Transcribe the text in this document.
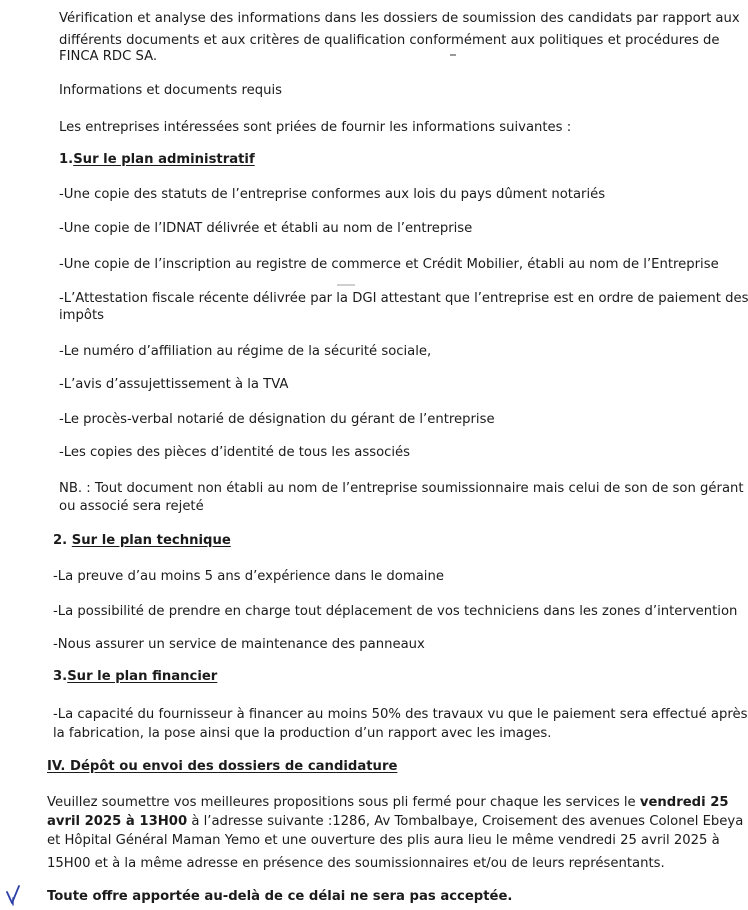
Vérification et analyse des informations dans les dossiers de soumission des candidats par rapport aux

différents documents et aux critères de qualification conformément aux politiques et procédures de

FINCA RDC SA.

Informations et documents requis

Les entreprises intéressées sont priées de fournir les informations suivantes :

1.Sur le plan administratif

-Une copie des statuts de l’entreprise conformes aux lois du pays dûment notariés

-Une copie de l’IDNAT délivrée et établi au nom de l’entreprise

-Une copie de l’inscription au registre de commerce et Crédit Mobilier, établi au nom de l’Entreprise

-L’Attestation fiscale récente délivrée par la DGI attestant que l’entreprise est en ordre de paiement des

impôts

-Le numéro d’affiliation au régime de la sécurité sociale,

-L’avis d’assujettissement à la TVA

-Le procès-verbal notarié de désignation du gérant de l’entreprise

-Les copies des pièces d’identité de tous les associés

NB. : Tout document non établi au nom de l’entreprise soumissionnaire mais celui de son de son gérant

ou associé sera rejeté

2. Sur le plan technique

-La preuve d’au moins 5 ans d’expérience dans le domaine

-La possibilité de prendre en charge tout déplacement de vos techniciens dans les zones d’intervention

-Nous assurer un service de maintenance des panneaux

3.Sur le plan financier

-La capacité du fournisseur à financer au moins 50% des travaux vu que le paiement sera effectué après

la fabrication, la pose ainsi que la production d’un rapport avec les images.

IV. Dépôt ou envoi des dossiers de candidature

Veuillez soumettre vos meilleures propositions sous pli fermé pour chaque les services le vendredi 25

avril 2025 à 13H00 à l’adresse suivante :1286, Av Tombalbaye, Croisement des avenues Colonel Ebeya

et Hôpital Général Maman Yemo et une ouverture des plis aura lieu le même vendredi 25 avril 2025 à

15H00 et à la même adresse en présence des soumissionnaires et/ou de leurs représentants.

Toute offre apportée au-delà de ce délai ne sera pas acceptée.
